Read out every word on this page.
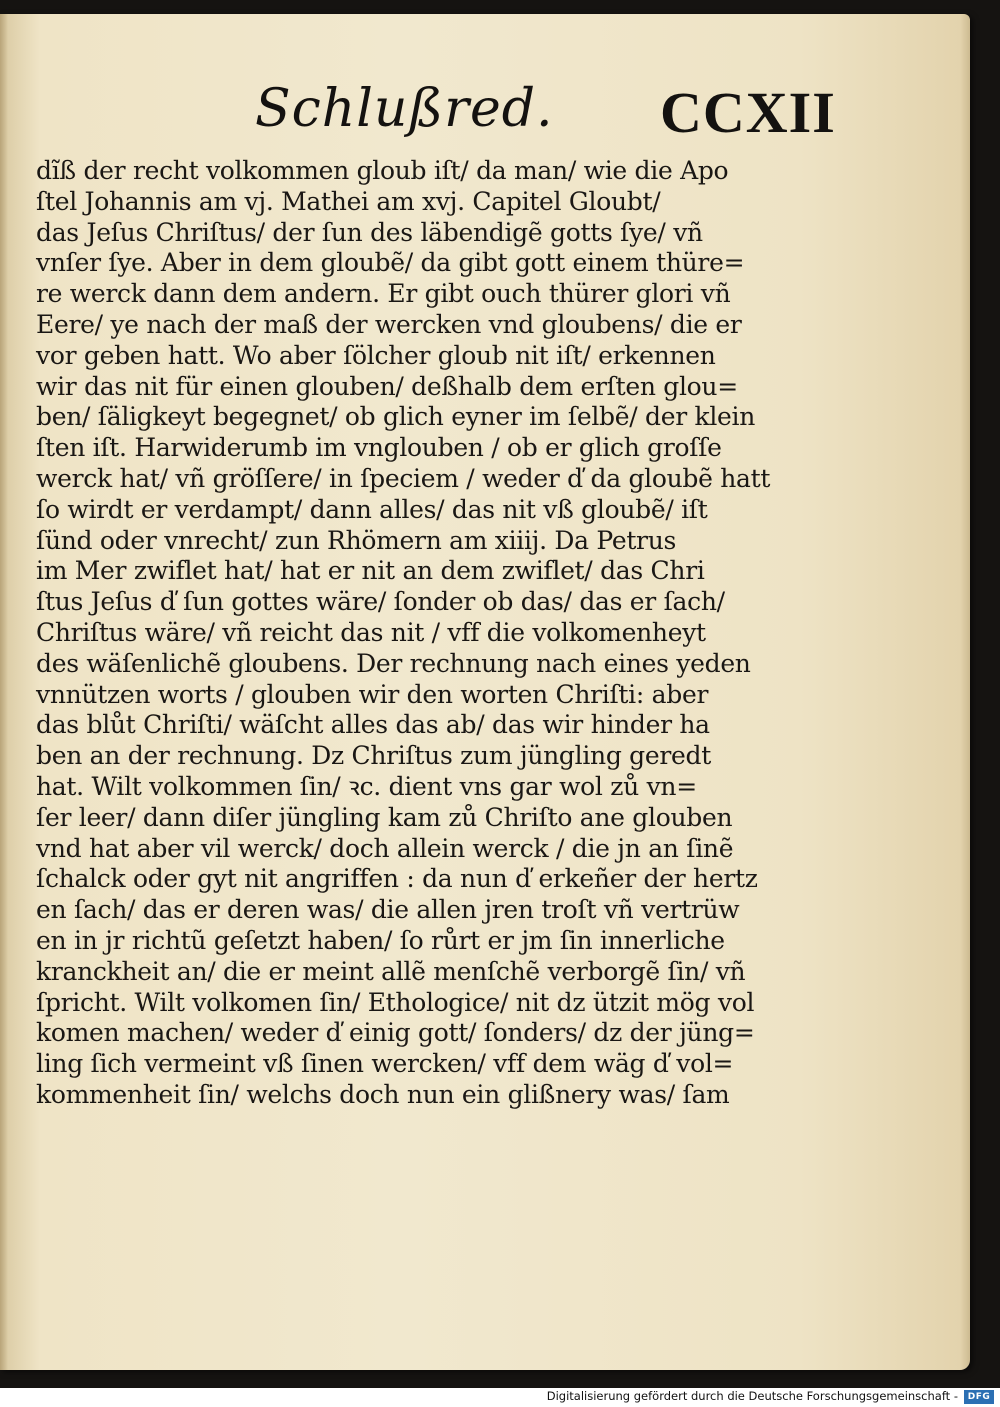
Schlußred. CCXII
dĩß der recht volkommen gloub iſt/ da man/ wie die Apo
ſtel Johannis am vj. Mathei am xvj. Capitel Gloubt/
das Jeſus Chriſtus/ der ſun des läbendigẽ gotts ſye/ vñ
vnſer ſye. Aber in dem gloubẽ/ da gibt gott einem thüre=
re werck dann dem andern. Er gibt ouch thürer glori vñ
Eere/ ye nach der maß der wercken vnd gloubens/ die er
vor geben hatt. Wo aber ſölcher gloub nit iſt/ erkennen
wir das nit für einen glouben/ deßhalb dem erſten glou=
ben/ ſäligkeyt begegnet/ ob glich eyner im ſelbẽ/ der klein
ſten iſt. Harwiderumb im vnglouben / ob er glich groſſe
werck hat/ vñ gröſſere/ in ſpeciem / weder ď da gloubẽ hatt
ſo wirdt er verdampt/ dann alles/ das nit vß gloubẽ/ iſt
ſünd oder vnrecht/ zun Rhömern am xiiij. Da Petrus
im Mer zwiflet hat/ hat er nit an dem zwiflet/ das Chri
ſtus Jeſus ď ſun gottes wäre/ ſonder ob das/ das er ſach/
Chriſtus wäre/ vñ reicht das nit / vff die volkomenheyt
des wäſenlichẽ gloubens. Der rechnung nach eines yeden
vnnützen worts / glouben wir den worten Chriſti: aber
das blůt Chriſti/ wäſcht alles das ab/ das wir hinder ha
ben an der rechnung. Dz Chriſtus zum jüngling geredt
hat. Wilt volkommen ſin/ ꝛc. dient vns gar wol zů vn=
ſer leer/ dann diſer jüngling kam zů Chriſto ane glouben
vnd hat aber vil werck/ doch allein werck / die jn an ſinẽ
ſchalck oder gyt nit angriffen : da nun ď erkeñer der hertz
en ſach/ das er deren was/ die allen jren troſt vñ vertrüw
en in jr richtũ geſetzt haben/ ſo růrt er jm ſin innerliche
kranckheit an/ die er meint allẽ menſchẽ verborgẽ ſin/ vñ
ſpricht. Wilt volkomen ſin/ Ethologice/ nit dz ützit mög vol
komen machen/ weder ď einig gott/ ſonders/ dz der jüng=
ling ſich vermeint vß ſinen wercken/ vff dem wäg ď vol=
kommenheit ſin/ welchs doch nun ein glißnery was/ ſam
Digitalisierung gefördert durch die Deutsche Forschungsgemeinschaft -	DFG
